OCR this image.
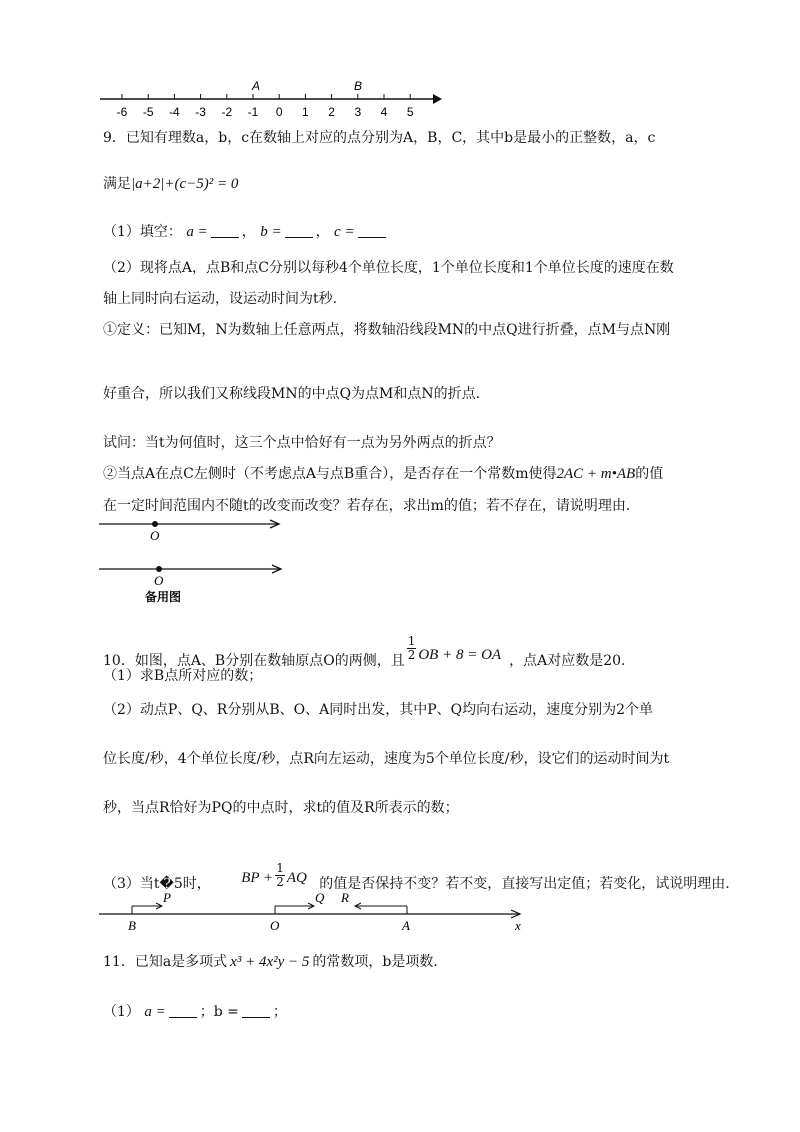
-6 -5 -4 -3 -2 -1 0 1 2 3 4 5
A	B
9．已知有理数a，b，c在数轴上对应的点分别为A，B，C，其中b是最小的正整数，a，c
满足|a+2|+(c−5)² = 0
（1）填空： a = ， b = ， c =
（2）现将点A，点B和点C分别以每秒4个单位长度，1个单位长度和1个单位长度的速度在数
轴上同时向右运动，设运动时间为t秒.
①定义：已知M，N为数轴上任意两点，将数轴沿线段MN的中点Q进行折叠，点M与点N刚
好重合，所以我们又称线段MN的中点Q为点M和点N的折点.
试问：当t为何值时，这三个点中恰好有一点为另外两点的折点？
②当点A在点C左侧时（不考虑点A与点B重合），是否存在一个常数m使得2AC + m•AB的值
在一定时间范围内不随t的改变而改变？若存在，求出m的值；若不存在，请说明理由.
O
O
备用图
10．如图，点A、B分别在数轴原点O的两侧，且 $\frac{1}{2}$ OB + 8 = OA ，点A对应数是20.
（1）求B点所对应的数；
（2）动点P、Q、R分别从B、O、A同时出发，其中P、Q均向右运动，速度分别为2个单
位长度/秒，4个单位长度/秒，点R向左运动，速度为5个单位长度/秒，设它们的运动时间为t
秒，当点R恰好为PQ的中点时，求t的值及R所表示的数；
（3）当t�5时， BP + $\frac{1}{2}$ AQ 的值是否保持不变？若不变，直接写出定值；若变化，试说明理由.
P	Q R
B	O	A	x
11．已知a是多项式 x³ + 4x²y − 5 的常数项，b是项数.
（1） a = ；b = ；
